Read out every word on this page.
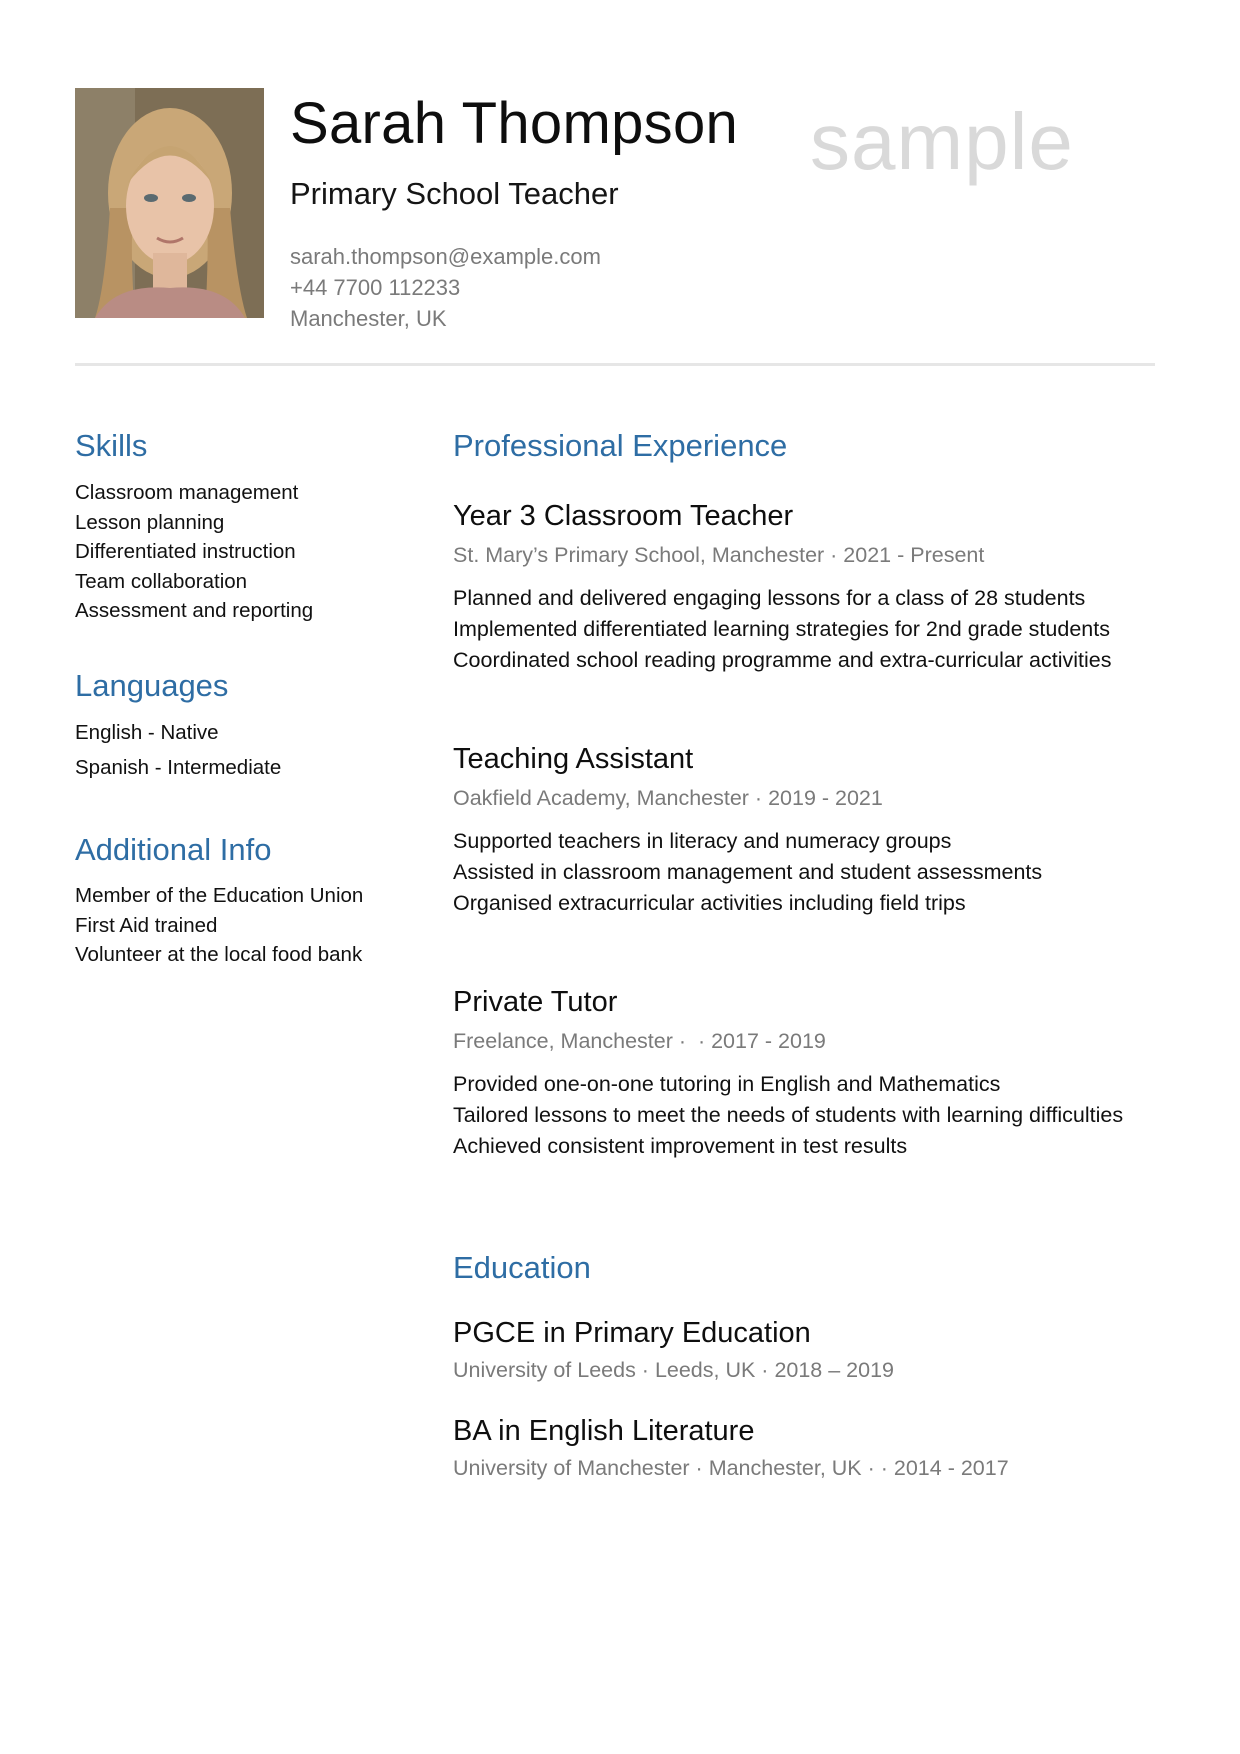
Sarah Thompson
Primary School Teacher
sarah.thompson@example.com
+44 7700 112233
Manchester, UK
sample
Skills
Classroom management
Lesson planning
Differentiated instruction
Team collaboration
Assessment and reporting
Languages
English - Native
Spanish - Intermediate
Additional Info
Member of the Education Union
First Aid trained
Volunteer at the local food bank
Professional Experience
Year 3 Classroom Teacher
St. Mary’s Primary School, Manchester · 2021 - Present
Planned and delivered engaging lessons for a class of 28 students
Implemented differentiated learning strategies for 2nd grade students
Coordinated school reading programme and extra-curricular activities
Teaching Assistant
Oakfield Academy, Manchester · 2019 - 2021
Supported teachers in literacy and numeracy groups
Assisted in classroom management and student assessments
Organised extracurricular activities including field trips
Private Tutor
Freelance, Manchester ·  · 2017 - 2019
Provided one-on-one tutoring in English and Mathematics
Tailored lessons to meet the needs of students with learning difficulties
Achieved consistent improvement in test results
Education
PGCE in Primary Education
University of Leeds · Leeds, UK · 2018 – 2019
BA in English Literature
University of Manchester · Manchester, UK · · 2014 - 2017
